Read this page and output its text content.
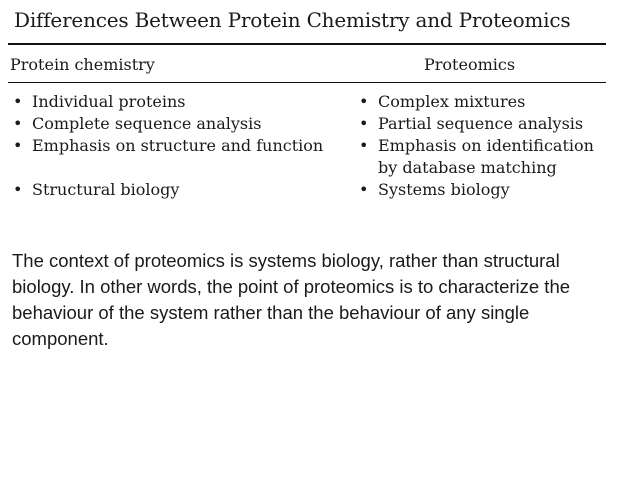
Differences Between Protein Chemistry and Proteomics
Protein chemistry	Proteomics
• Individual proteins
• Complete sequence analysis
• Emphasis on structure and function
• Structural biology
• Complex mixtures
• Partial sequence analysis
• Emphasis on identification
by database matching
• Systems biology

The context of proteomics is systems biology, rather than structural biology. In other words, the point of proteomics is to characterize the behaviour of the system rather than the behaviour of any single component.
